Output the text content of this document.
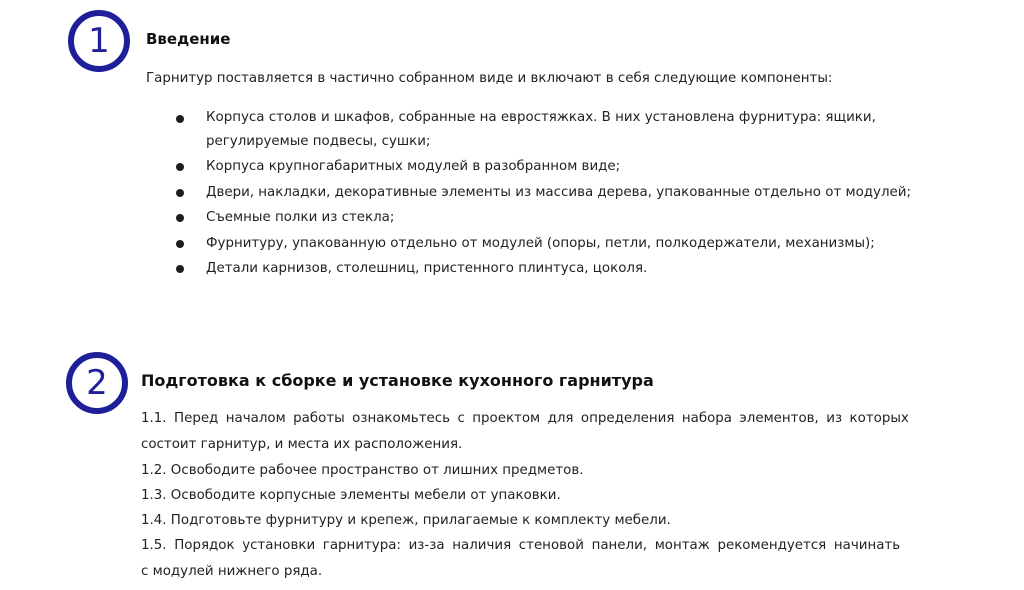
1	Введение
Гарнитур поставляется в частично собранном виде и включают в себя следующие компоненты:
Корпуса столов и шкафов, собранные на евростяжках. В них установлена фурнитура: ящики,
регулируемые подвесы, сушки;
Корпуса крупногабаритных модулей в разобранном виде;
Двери, накладки, декоративные элементы из массива дерева, упакованные отдельно от модулей;
Съемные полки из стекла;
Фурнитуру, упакованную отдельно от модулей (опоры, петли, полкодержатели, механизмы);
Детали карнизов, столешниц, пристенного плинтуса, цоколя.
2	Подготовка к сборке и установке кухонного гарнитура
1.1. Перед началом работы ознакомьтесь с проектом для определения набора элементов, из которых
состоит гарнитур, и места их расположения.
1.2. Освободите рабочее пространство от лишних предметов.
1.3. Освободите корпусные элементы мебели от упаковки.
1.4. Подготовьте фурнитуру и крепеж, прилагаемые к комплекту мебели.
1.5. Порядок установки гарнитура: из-за наличия стеновой панели, монтаж рекомендуется начинать
с модулей нижнего ряда.
